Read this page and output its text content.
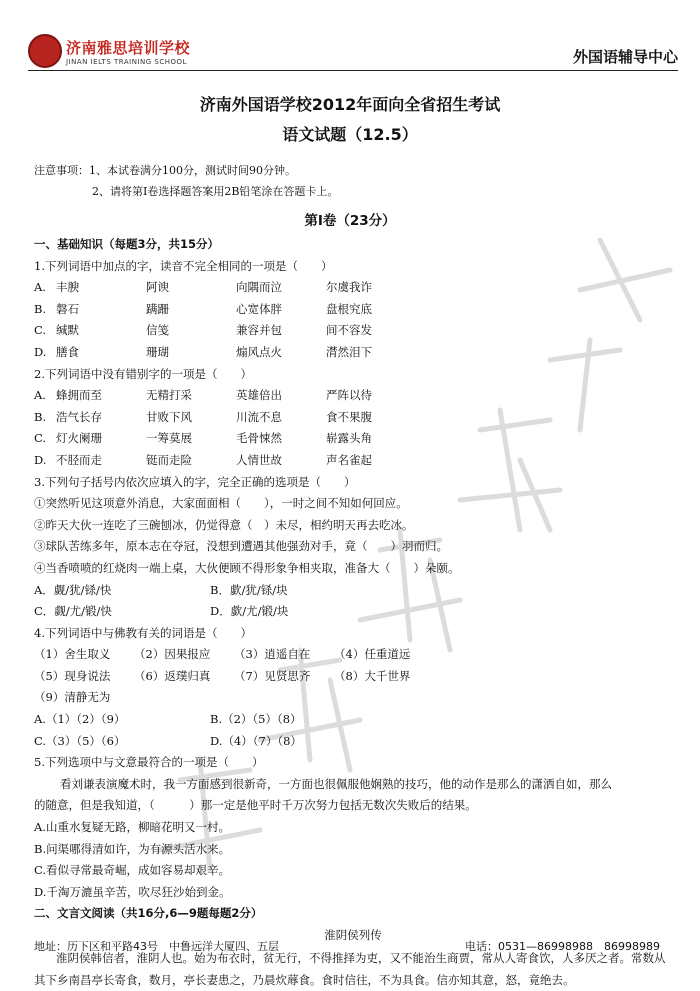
济南雅思培训学校
JINAN IELTS TRAINING SCHOOL	外国语辅导中心
济南外国语学校2012年面向全省招生考试
语文试题（12.5）
注意事项：1、本试卷满分100分，测试时间90分钟。
2、请将第Ⅰ卷选择题答案用2B铅笔涂在答题卡上。
第Ⅰ卷（23分）
一、基础知识（每题3分，共15分）
1.下列词语中加点的字，读音不完全相同的一项是（　　）
A. 丰腴	阿谀	向隅而泣	尔虞我诈
B. 磐石	蹒跚	心宽体胖	盘根究底
C. 缄默	信笺	兼容并包	间不容发
D. 膳食	珊瑚	煽风点火	潸然泪下
2.下列词语中没有错别字的一项是（　　）
A. 蜂拥而至	无精打采	英雄倍出	严阵以待
B. 浩气长存	甘败下风	川流不息	食不果腹
C. 灯火阑珊	一筹莫展	毛骨悚然	崭露头角
D. 不胫而走	铤而走险	人情世故	声名雀起
3.下列句子括号内依次应填入的字，完全正确的选项是（　　）
①突然听见这项意外消息，大家面面相（　　），一时之间不知如何回应。
②昨天大伙一连吃了三碗刨冰，仍觉得意（　）未尽，相约明天再去吃冰。
③球队苦练多年，原本志在夺冠，没想到遭遇其他强劲对手，竟（　　）羽而归。
④当香喷喷的红烧肉一端上桌，大伙便顾不得形象争相夹取，准备大（　　）朵颐。
A．觑/犹/铩/快	B．歔/犹/铩/块
C．觑/尤/锻/快	D．歔/尤/锻/块
4.下列词语中与佛教有关的词语是（　　）
（1）舍生取义 （2）因果报应 （3）逍遥自在 （4）任重道远
（5）现身说法 （6）返璞归真 （7）见贤思齐 （8）大千世界
（9）清静无为
A.（1）（2）（9）	B.（2）（5）（8）
C.（3）（5）（6）	D.（4）（7）（8）
5.下列选项中与文意最符合的一项是（　　）
看刘谦表演魔术时，我一方面感到很新奇，一方面也很佩服他娴熟的技巧，他的动作是那么的潇洒自如，那么
的随意，但是我知道，（　　　）那一定是他平时千万次努力包括无数次失败后的结果。
A.山重水复疑无路，柳暗花明又一村。
B.问渠哪得清如许，为有源头活水来。
C.看似寻常最奇崛，成如容易却艰辛。
D.千淘万漉虽辛苦，吹尽狂沙始到金。
二、文言文阅读（共16分,6—9题每题2分）
淮阴侯列传
淮阴侯韩信者，淮阴人也。始为布衣时，贫无行，不得推择为吏，又不能治生商贾，常从人寄食饮，人多厌之者。常数从其下乡南昌亭长寄食，数月，亭长妻患之，乃晨炊蓐食。食时信往，不为具食。信亦知其意，怒，竟绝去。
地址：历下区和平路43号　中鲁远洋大厦四、五层	电话：0531—86998988　86998989
